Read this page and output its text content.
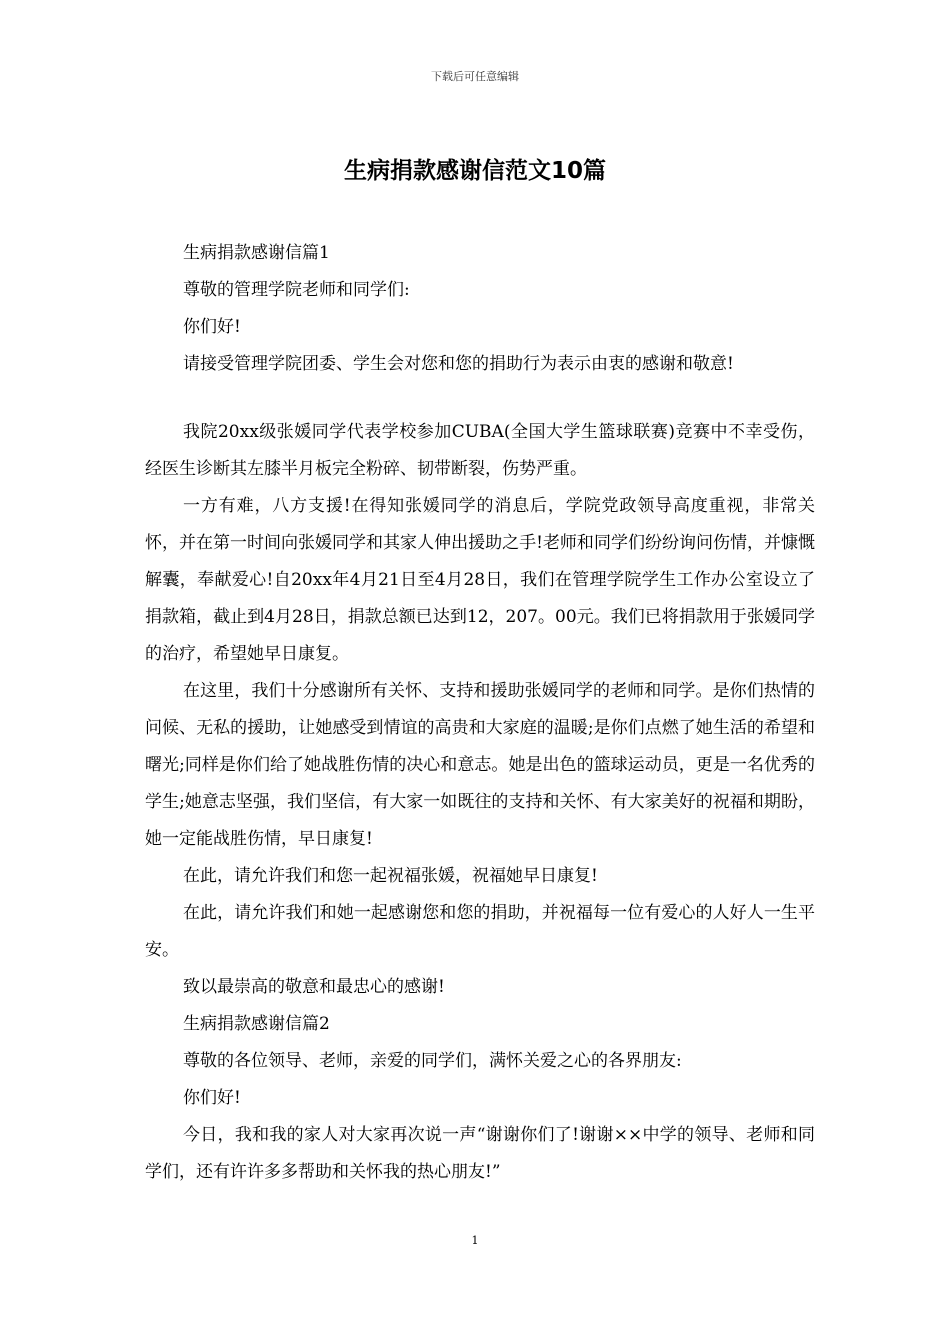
下载后可任意编辑
生病捐款感谢信范文10篇

生病捐款感谢信篇1

尊敬的管理学院老师和同学们:

你们好!

请接受管理学院团委、学生会对您和您的捐助行为表示由衷的感谢和敬意!

我院20xx级张媛同学代表学校参加CUBA(全国大学生篮球联赛)竞赛中不幸受伤，经医生诊断其左膝半月板完全粉碎、韧带断裂，伤势严重。

一方有难，八方支援!在得知张媛同学的消息后，学院党政领导高度重视，非常关怀，并在第一时间向张媛同学和其家人伸出援助之手!老师和同学们纷纷询问伤情，并慷慨解囊，奉献爱心!自20xx年4月21日至4月28日，我们在管理学院学生工作办公室设立了捐款箱，截止到4月28日，捐款总额已达到12，207。00元。我们已将捐款用于张媛同学的治疗，希望她早日康复。

在这里，我们十分感谢所有关怀、支持和援助张媛同学的老师和同学。是你们热情的问候、无私的援助，让她感受到情谊的高贵和大家庭的温暖;是你们点燃了她生活的希望和曙光;同样是你们给了她战胜伤情的决心和意志。她是出色的篮球运动员，更是一名优秀的学生;她意志坚强，我们坚信，有大家一如既往的支持和关怀、有大家美好的祝福和期盼，她一定能战胜伤情，早日康复!

在此，请允许我们和您一起祝福张媛，祝福她早日康复!

在此，请允许我们和她一起感谢您和您的捐助，并祝福每一位有爱心的人好人一生平安。

致以最崇高的敬意和最忠心的感谢!

生病捐款感谢信篇2

尊敬的各位领导、老师，亲爱的同学们，满怀关爱之心的各界朋友:

你们好!

今日，我和我的家人对大家再次说一声“谢谢你们了!谢谢××中学的领导、老师和同学们，还有许许多多帮助和关怀我的热心朋友!”

1
